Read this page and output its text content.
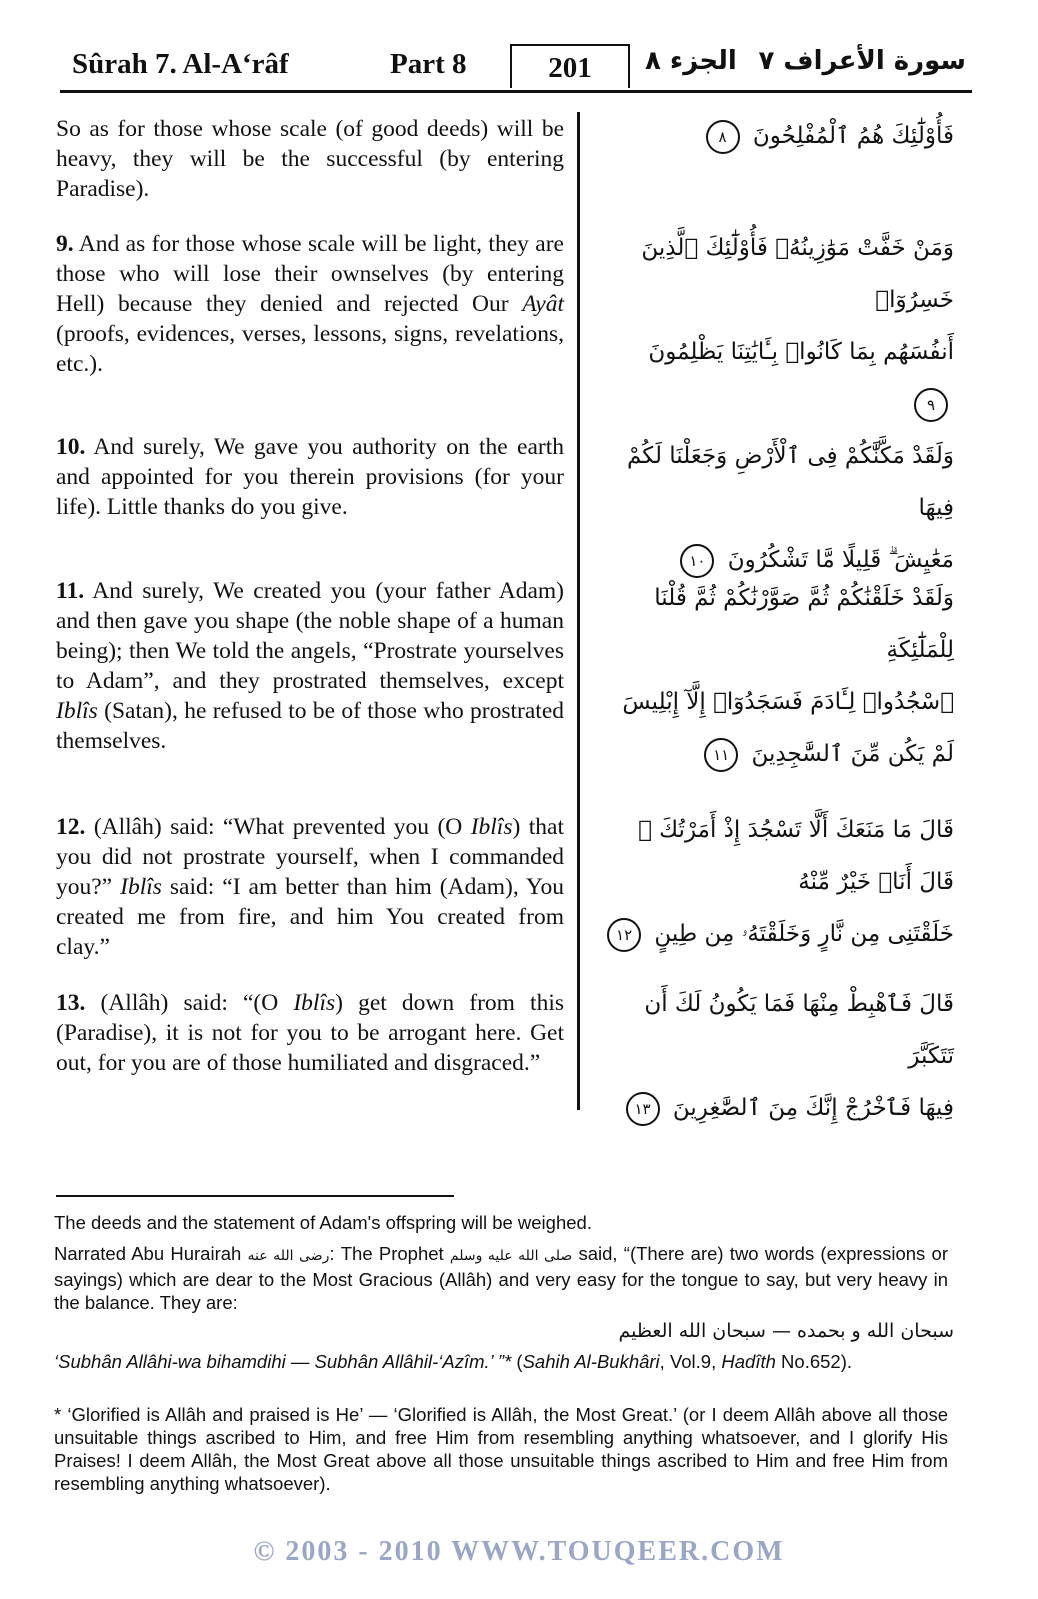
Sûrah 7. Al-A‘râf	Part 8	201	الجزء ٨ سورة الأعراف ٧

So as for those whose scale (of good deeds) will be heavy, they will be the successful (by entering Paradise).

9. And as for those whose scale will be light, they are those who will lose their ownselves (by entering Hell) because they denied and rejected Our Ayât (proofs, evidences, verses, lessons, signs, revelations, etc.).

10. And surely, We gave you authority on the earth and appointed for you therein provisions (for your life). Little thanks do you give.

11. And surely, We created you (your father Adam) and then gave you shape (the noble shape of a human being); then We told the angels, “Prostrate yourselves to Adam”, and they prostrated themselves, except Iblîs (Satan), he refused to be of those who prostrated themselves.

12. (Allâh) said: “What prevented you (O Iblîs) that you did not prostrate yourself, when I commanded you?” Iblîs said: “I am better than him (Adam), You created me from fire, and him You created from clay.”

13. (Allâh) said: “(O Iblîs) get down from this (Paradise), it is not for you to be arrogant here. Get out, for you are of those humiliated and disgraced.”

فَأُوْلَٰٓئِكَ هُمُ ٱلْمُفْلِحُونَ ٨
وَمَنْ خَفَّتْ مَوَٰزِينُهُۥ فَأُوْلَٰٓئِكَ ٱلَّذِينَ خَسِرُوٓا۟
أَنفُسَهُم بِمَا كَانُوا۟ بِـَٔايَٰتِنَا يَظْلِمُونَ ٩
وَلَقَدْ مَكَّنَّٰكُمْ فِى ٱلْأَرْضِ وَجَعَلْنَا لَكُمْ فِيهَا
مَعَٰيِشَ ۗ قَلِيلًا مَّا تَشْكُرُونَ ١٠
وَلَقَدْ خَلَقْنَٰكُمْ ثُمَّ صَوَّرْنَٰكُمْ ثُمَّ قُلْنَا لِلْمَلَٰٓئِكَةِ
ٱسْجُدُوا۟ لِـَٔادَمَ فَسَجَدُوٓا۟ إِلَّآ إِبْلِيسَ
لَمْ يَكُن مِّنَ ٱلسَّٰجِدِينَ ١١
قَالَ مَا مَنَعَكَ أَلَّا تَسْجُدَ إِذْ أَمَرْتُكَ ۖ قَالَ أَنَا۠ خَيْرٌ مِّنْهُ
خَلَقْتَنِى مِن نَّارٍ وَخَلَقْتَهُۥ مِن طِينٍ ١٢
قَالَ فَٱهْبِطْ مِنْهَا فَمَا يَكُونُ لَكَ أَن تَتَكَبَّرَ
فِيهَا فَٱخْرُجْ إِنَّكَ مِنَ ٱلصَّٰغِرِينَ ١٣

The deeds and the statement of Adam's offspring will be weighed.

Narrated Abu Hurairah رضى الله عنه: The Prophet صلى الله عليه وسلم said, “(There are) two words (expressions or sayings) which are dear to the Most Gracious (Allâh) and very easy for the tongue to say, but very heavy in the balance. They are:

سبحان الله و بحمده — سبحان الله العظيم

‘Subhân Allâhi-wa bihamdihi — Subhân Allâhil-‘Azîm.’ ”* (Sahih Al-Bukhâri, Vol.9, Hadîth No.652).

* ‘Glorified is Allâh and praised is He’ — ‘Glorified is Allâh, the Most Great.’ (or I deem Allâh above all those unsuitable things ascribed to Him, and free Him from resembling anything whatsoever, and I glorify His Praises! I deem Allâh, the Most Great above all those unsuitable things ascribed to Him and free Him from resembling anything whatsoever).

© 2003 - 2010 WWW.TOUQEER.COM
